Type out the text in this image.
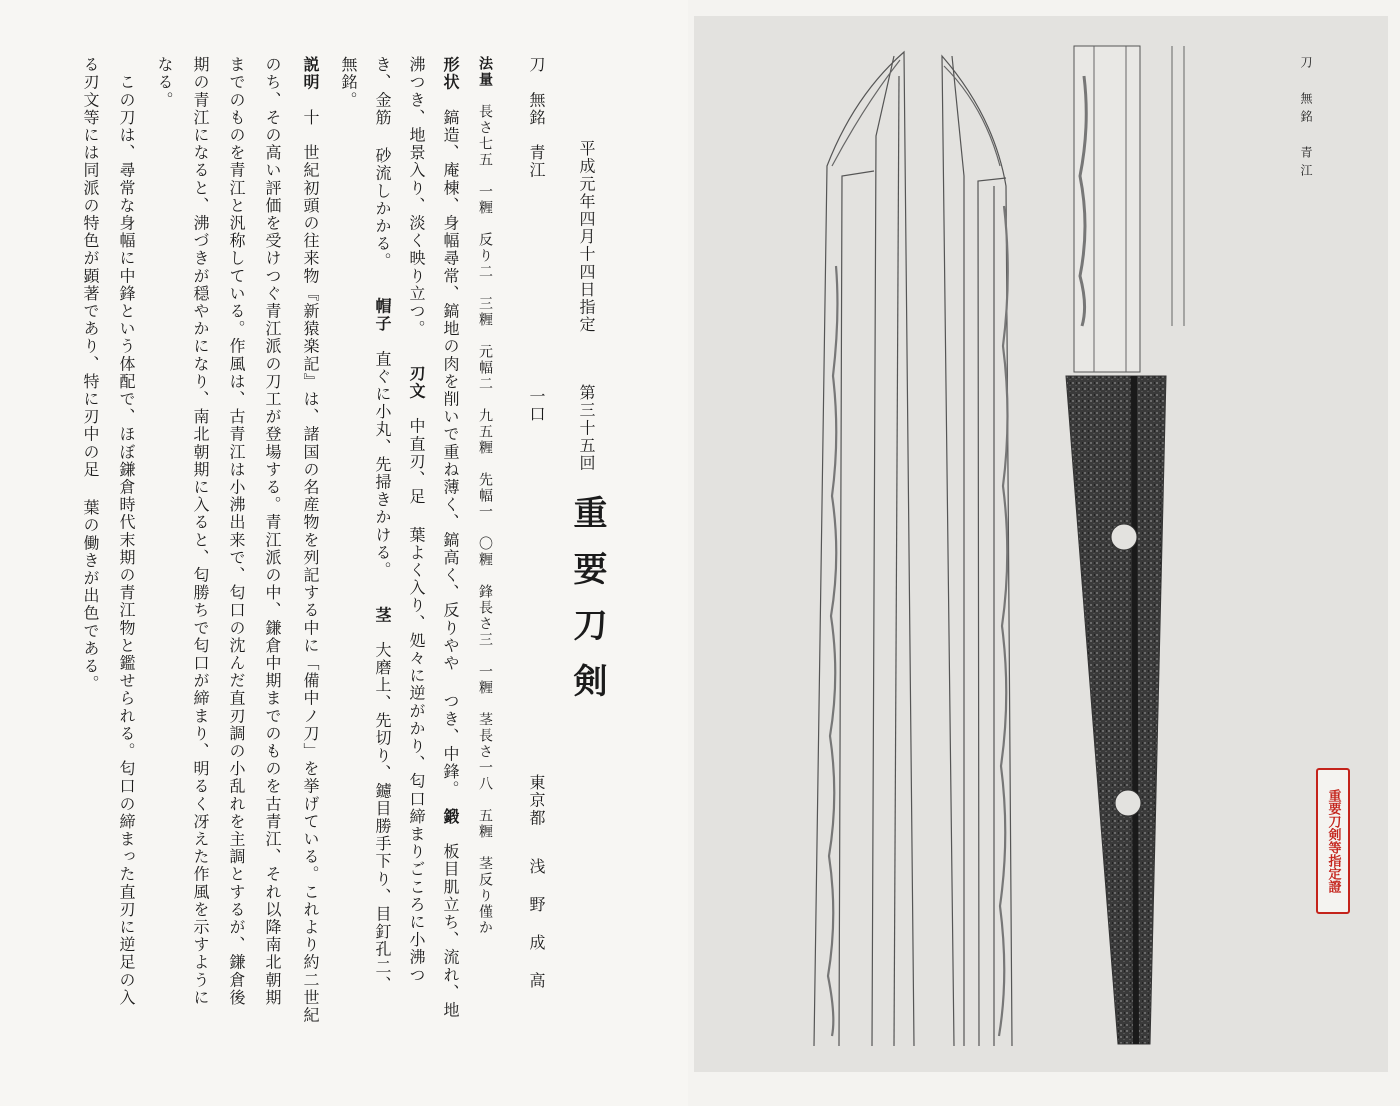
平成元年四月十四日指定
第三十五回
重要刀剣
刀　無銘　青江
一口
東京都
浅野成高
法量　長さ七五　一糎　反り二　三糎　元幅二　九五糎　先幅一　〇糎　鋒長さ三　一糎　茎長さ一八　五糎　茎反り僅か
形状　鎬造、庵棟、身幅尋常、鎬地の肉を削いで重ね薄く、鎬高く、反りやや つき、中鋒。　鍛　板目肌立ち、流れ、地
沸つき、地景入り、淡く映り立つ。　　刃文　中直刃、足 葉よく入り、処々に逆がかり、匂口締まりごころに小沸つ
き、金筋 砂流しかかる。　　帽子　直ぐに小丸、先掃きかける。　　茎　大磨上、先切り、鑢目勝手下り、目釘孔二、
無銘。
説明　十　世紀初頭の往来物『新猿楽記』は、諸国の名産物を列記する中に「備中ノ刀」を挙げている。これより約二世紀
のち、その高い評価を受けつぐ青江派の刀工が登場する。青江派の中、鎌倉中期までのものを古青江、それ以降南北朝期
までのものを青江と汎称している。作風は、古青江は小沸出来で、匂口の沈んだ直刃調の小乱れを主調とするが、鎌倉後
期の青江になると、沸づきが穏やかになり、南北朝期に入ると、匂勝ちで匂口が締まり、明るく冴えた作風を示すように
なる。
　この刀は、尋常な身幅に中鋒という体配で、ほぼ鎌倉時代末期の青江物と鑑せられる。匂口の締まった直刃に逆足の入
る刃文等には同派の特色が顕著であり、特に刃中の足 葉の働きが出色である。	刀　無銘　青江
重要刀剣等指定證
